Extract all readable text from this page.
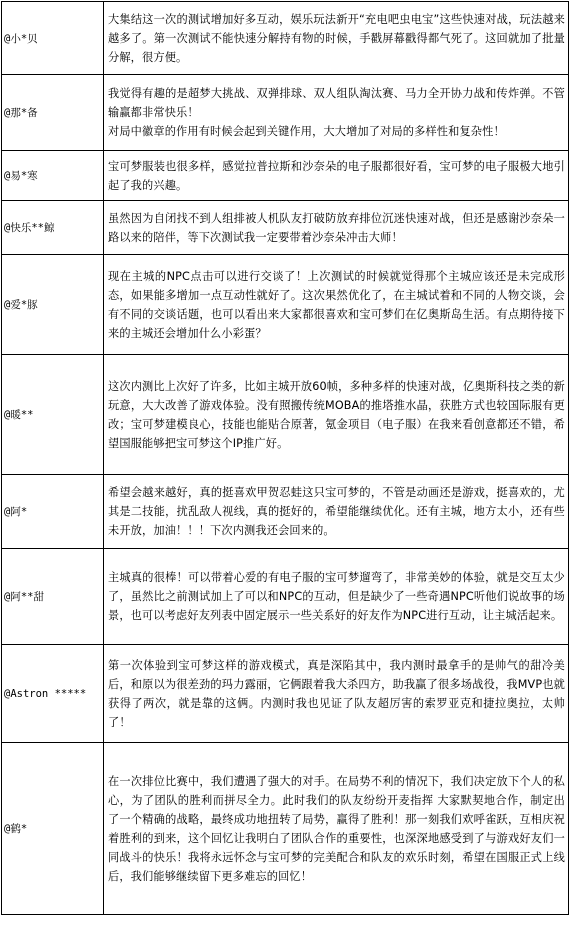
@小*贝	大集结这一次的测试增加好多互动，娱乐玩法新开“充电吧虫电宝”这些快速对战，玩法越来越多了。第一次测试不能快速分解持有物的时候，手戳屏幕戳得都气死了。这回就加了批量分解，很方便。

@那*备	我觉得有趣的是超梦大挑战、双弹排球、双人组队淘汰赛、马力全开协力战和传炸弹。不管输赢都非常快乐！
对局中徽章的作用有时候会起到关键作用，大大增加了对局的多样性和复杂性！

@易*寒	宝可梦服装也很多样，感觉拉普拉斯和沙奈朵的电子服都很好看，宝可梦的电子服极大地引起了我的兴趣。

@快乐**鲸	虽然因为自闭找不到人组排被人机队友打破防放弃排位沉迷快速对战，但还是感谢沙奈朵一路以来的陪伴，等下次测试我一定要带着沙奈朵冲击大师！

@爱*豚	现在主城的NPC点击可以进行交谈了！上次测试的时候就觉得那个主城应该还是未完成形态，如果能多增加一点互动性就好了。这次果然优化了，在主城试着和不同的人物交谈，会有不同的交谈话题，也可以看出来大家都很喜欢和宝可梦们在亿奥斯岛生活。有点期待接下来的主城还会增加什么小彩蛋？

@暖**	这次内测比上次好了许多，比如主城开放60帧，多种多样的快速对战，亿奥斯科技之类的新玩意，大大改善了游戏体验。没有照搬传统MOBA的推塔推水晶，获胜方式也较国际服有更改；宝可梦建模良心，技能也能贴合原著，氪金项目（电子服）在我来看创意都还不错，希望国服能够把宝可梦这个IP推广好。

@阿*	希望会越来越好，真的挺喜欢甲贺忍蛙这只宝可梦的，不管是动画还是游戏，挺喜欢的，尤其是二技能，扰乱敌人视线，真的挺好的，希望能继续优化。还有主城，地方太小，还有些未开放，加油！！！下次内测我还会回来的。

@阿**甜	主城真的很棒！可以带着心爱的有电子服的宝可梦遛弯了，非常美妙的体验，就是交互太少了，虽然比之前测试加上了可以和NPC的互动，但是缺少了一些奇遇NPC听他们说故事的场景，也可以考虑好友列表中固定展示一些关系好的好友作为NPC进行互动，让主城活起来。

@Astron *****	第一次体验到宝可梦这样的游戏模式，真是深陷其中，我内测时最拿手的是帅气的甜冷美后，和原以为很差劲的玛力露丽，它俩跟着我大杀四方，助我赢了很多场战役，我MVP也就获得了两次，就是靠的这俩。内测时我也见证了队友超厉害的索罗亚克和捷拉奥拉，太帅了！

@鹤*	在一次排位比赛中，我们遭遇了强大的对手。在局势不利的情况下，我们决定放下个人的私心，为了团队的胜利而拼尽全力。此时我们的队友纷纷开麦指挥 大家默契地合作，制定出了一个精确的战略，最终成功地扭转了局势，赢得了胜利！那一刻我们欢呼雀跃，互相庆祝着胜利的到来，这个回忆让我明白了团队合作的重要性，也深深地感受到了与游戏好友们一同战斗的快乐！我将永远怀念与宝可梦的完美配合和队友的欢乐时刻，希望在国服正式上线后，我们能够继续留下更多难忘的回忆！
